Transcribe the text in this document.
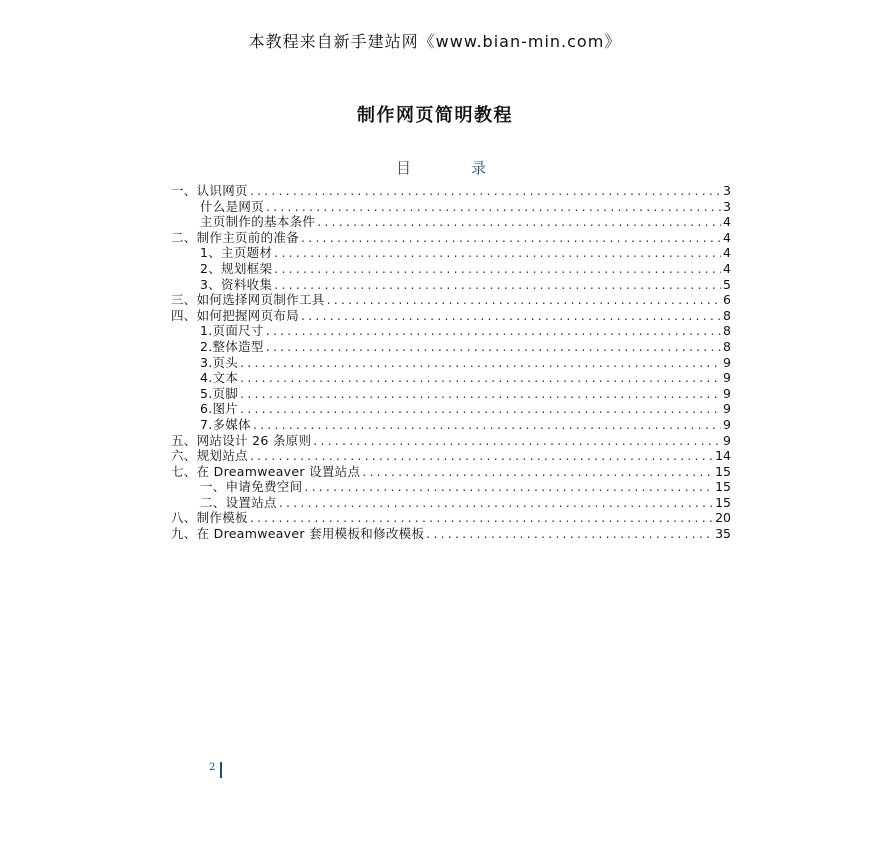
本教程来自新手建站网《www.bian-min.com》
制作网页简明教程
目	录
一、认识网页 .....	3
什么是网页 .....	3
主页制作的基本条件 .....	4
二、制作主页前的准备 .....	4
1、主页题材 .....	4
2、规划框架 .....	4
3、资料收集 .....	5
三、如何选择网页制作工具 .....	6
四、如何把握网页布局 .....	8
1.页面尺寸 .....	8
2.整体造型 .....	8
3.页头 .....	9
4.文本 .....	9
5.页脚 .....	9
6.图片 .....	9
7.多媒体 .....	9
五、网站设计 26 条原则 .....	9
六、规划站点 .....	14
七、在 Dreamweaver 设置站点 .....	15
一、申请免费空间 .....	15
二、设置站点 .....	15
八、制作模板 .....	20
九、在 Dreamweaver 套用模板和修改模板 .....	35
2
